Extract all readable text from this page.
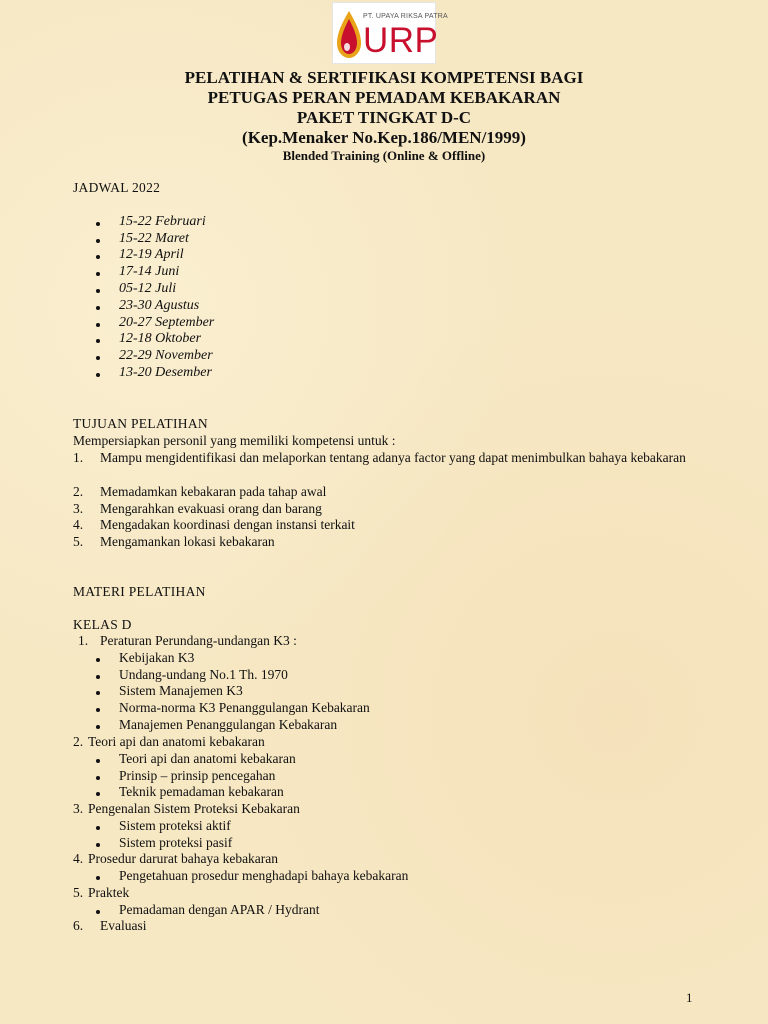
PT. UPAYA RIKSA PATRA
URP
PELATIHAN & SERTIFIKASI KOMPETENSI BAGI
PETUGAS PERAN PEMADAM KEBAKARAN
PAKET TINGKAT D-C
(Kep.Menaker No.Kep.186/MEN/1999)
Blended Training (Online & Offline)
JADWAL 2022
15-22 Februari
15-22 Maret
12-19 April
17-14 Juni
05-12 Juli
23-30 Agustus
20-27 September
12-18 Oktober
22-29 November
13-20 Desember
TUJUAN PELATIHAN
Mempersiapkan personil yang memiliki kompetensi untuk :
1. Mampu mengidentifikasi dan melaporkan tentang adanya factor yang dapat menimbulkan bahaya kebakaran
2. Memadamkan kebakaran pada tahap awal
3. Mengarahkan evakuasi orang dan barang
4. Mengadakan koordinasi dengan instansi terkait
5. Mengamankan lokasi kebakaran
MATERI PELATIHAN
KELAS D
1. Peraturan Perundang-undangan K3 :
Kebijakan K3
Undang-undang No.1 Th. 1970
Sistem Manajemen K3
Norma-norma K3 Penanggulangan Kebakaran
Manajemen Penanggulangan Kebakaran
2. Teori api dan anatomi kebakaran
Teori api dan anatomi kebakaran
Prinsip – prinsip pencegahan
Teknik pemadaman kebakaran
3. Pengenalan Sistem Proteksi Kebakaran
Sistem proteksi aktif
Sistem proteksi pasif
4. Prosedur darurat bahaya kebakaran
Pengetahuan prosedur menghadapi bahaya kebakaran
5. Praktek
Pemadaman dengan APAR / Hydrant
6. Evaluasi
1
